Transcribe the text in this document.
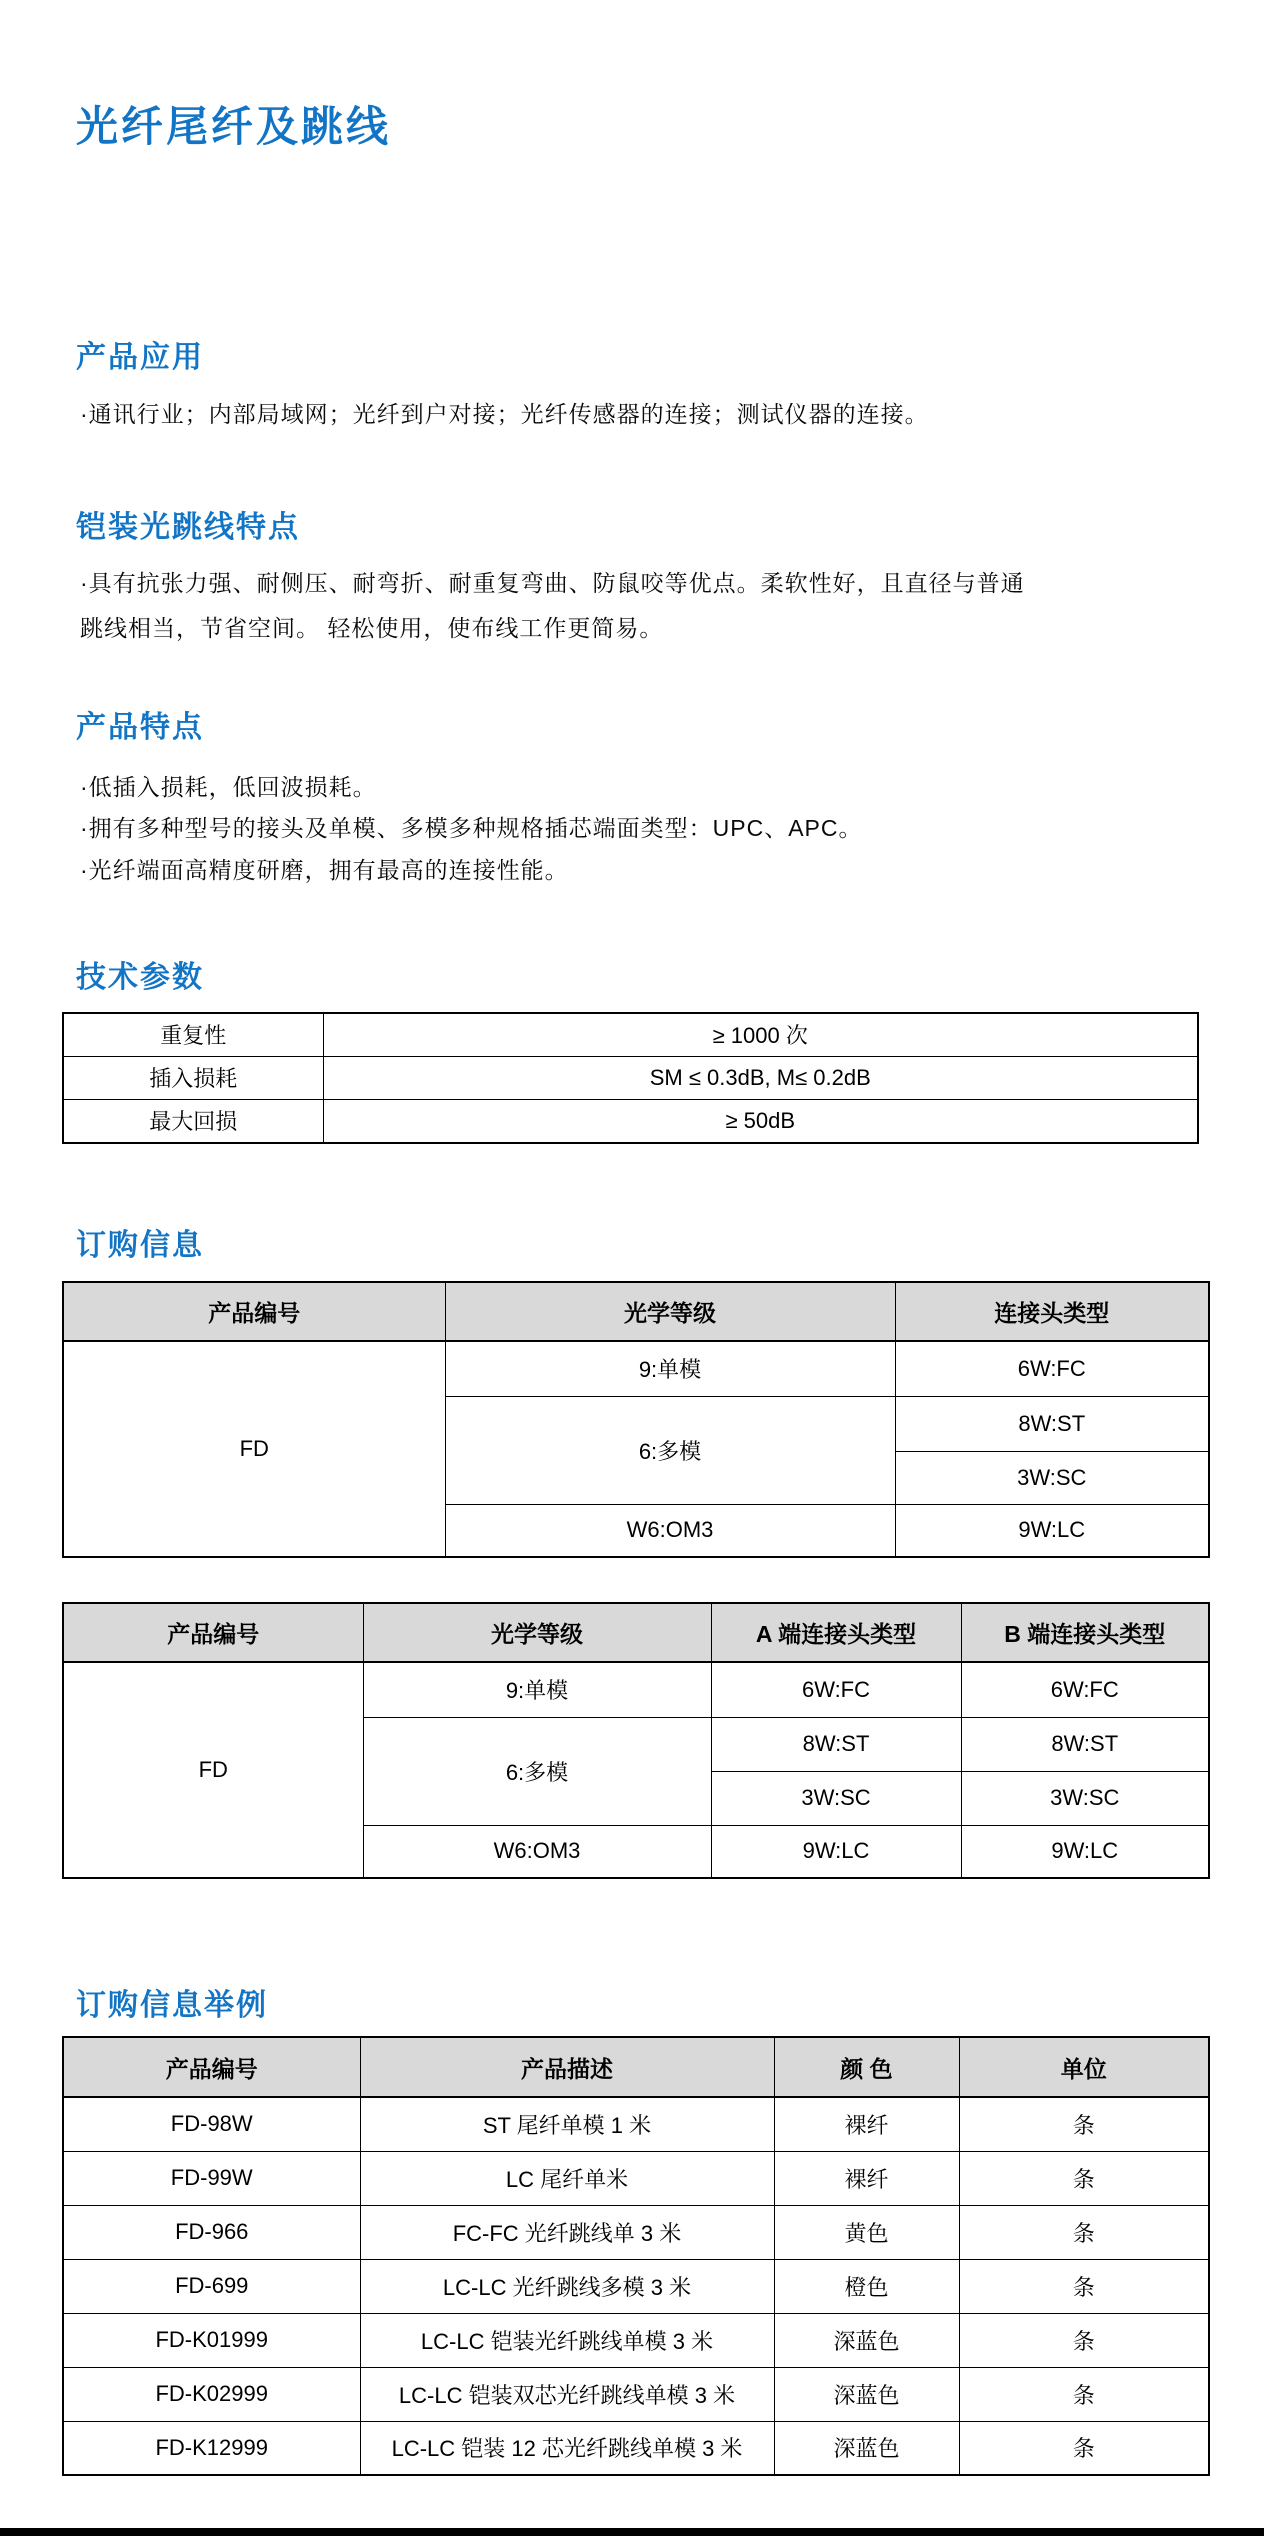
光纤尾纤及跳线
产品应用
·通讯行业；内部局域网；光纤到户对接；光纤传感器的连接；测试仪器的连接。
铠装光跳线特点
·具有抗张力强、耐侧压、耐弯折、耐重复弯曲、防鼠咬等优点。柔软性好，且直径与普通
跳线相当，节省空间。 轻松使用，使布线工作更简易。
产品特点
·低插入损耗，低回波损耗。
·拥有多种型号的接头及单模、多模多种规格插芯端面类型：UPC、APC。
·光纤端面高精度研磨，拥有最高的连接性能。
技术参数
重复性	≥ 1000 次
插入损耗	SM ≤ 0.3dB, M≤ 0.2dB
最大回损	≥ 50dB
订购信息
产品编号	光学等级	连接头类型
FD	9:单模	6W:FC
	6:多模	8W:ST
		3W:SC
	W6:OM3	9W:LC
产品编号	光学等级	A 端连接头类型	B 端连接头类型
FD	9:单模	6W:FC	6W:FC
	6:多模	8W:ST	8W:ST
		3W:SC	3W:SC
	W6:OM3	9W:LC	9W:LC
订购信息举例
产品编号	产品描述	颜 色	单位
FD-98W	ST 尾纤单模 1 米	裸纤	条
FD-99W	LC 尾纤单米	裸纤	条
FD-966	FC-FC 光纤跳线单 3 米	黄色	条
FD-699	LC-LC 光纤跳线多模 3 米	橙色	条
FD-K01999	LC-LC 铠装光纤跳线单模 3 米	深蓝色	条
FD-K02999	LC-LC 铠装双芯光纤跳线单模 3 米	深蓝色	条
FD-K12999	LC-LC 铠装 12 芯光纤跳线单模 3 米	深蓝色	条
